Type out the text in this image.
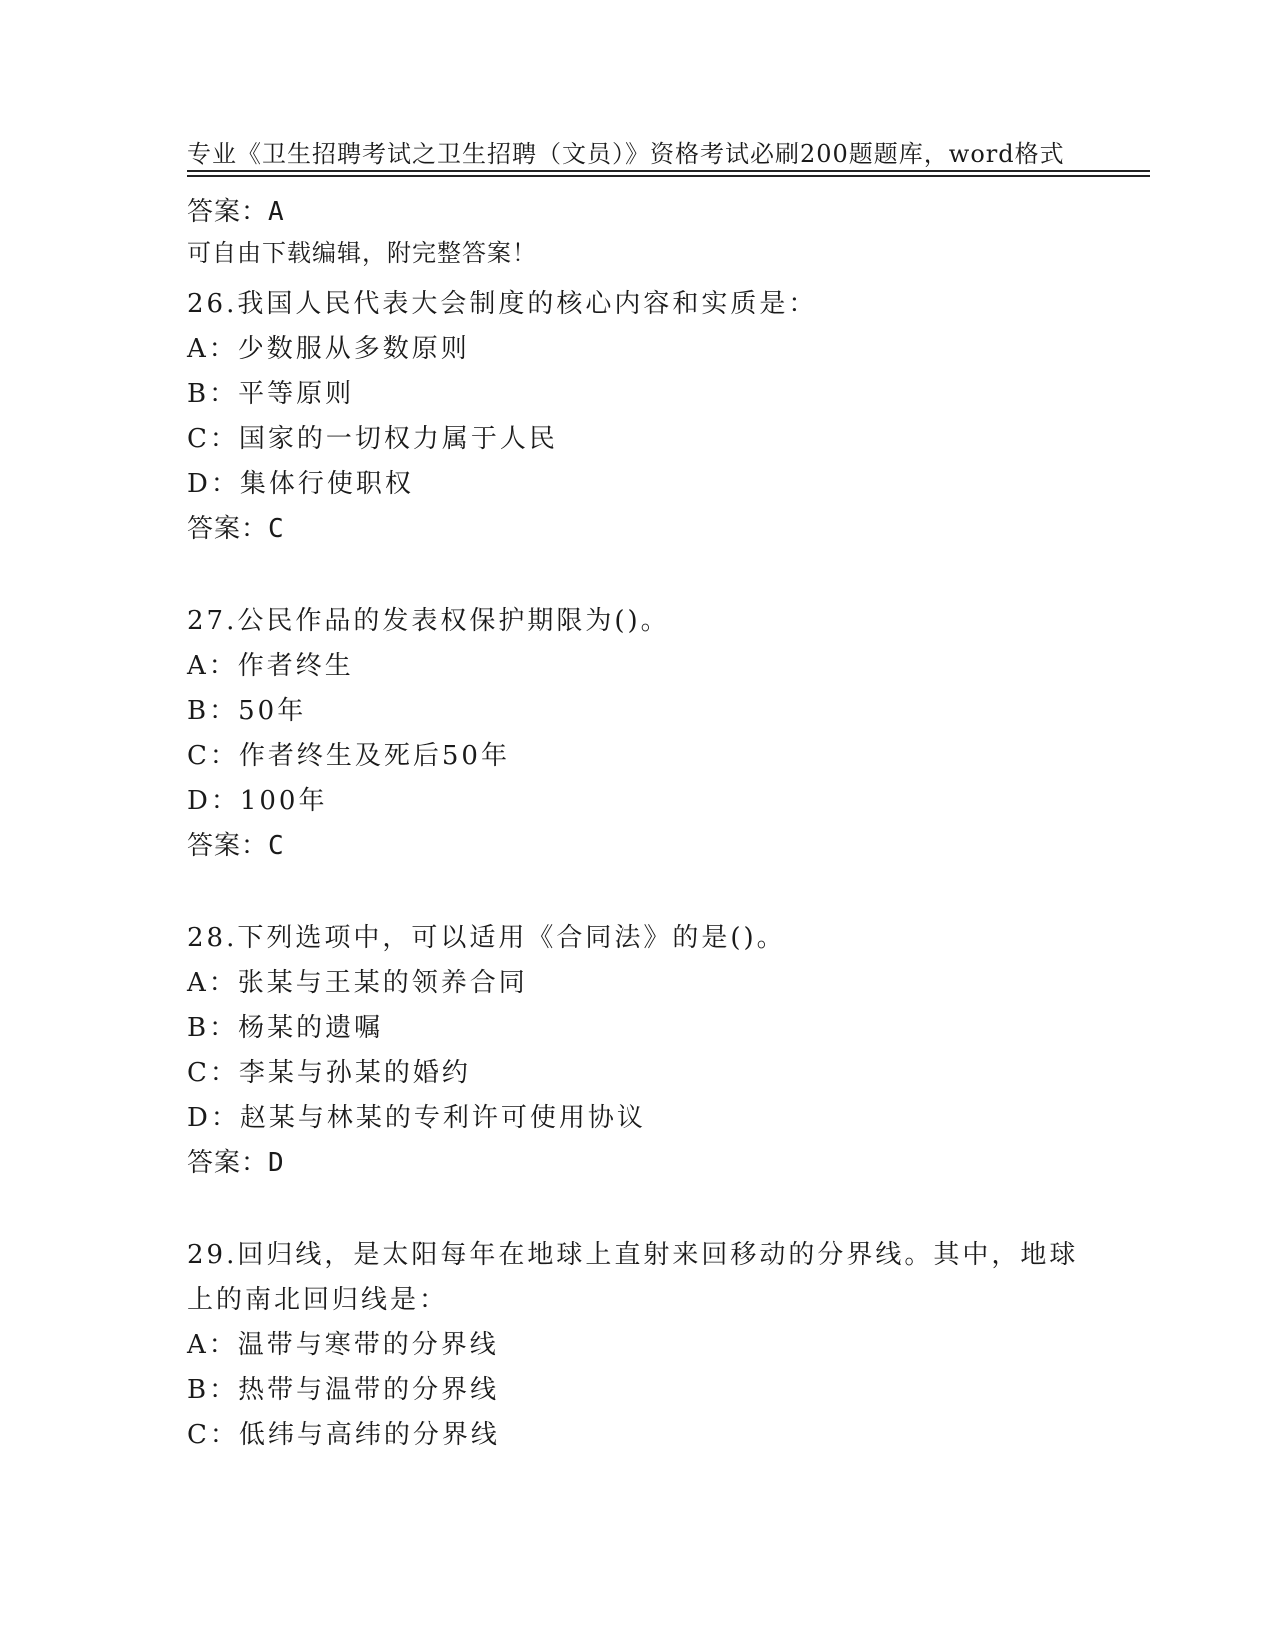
专业《卫生招聘考试之卫生招聘（文员）》资格考试必刷200题题库，word格式

可自由下载编辑，附完整答案！

答案：A
26.我国人民代表大会制度的核心内容和实质是：
A：少数服从多数原则
B：平等原则
C：国家的一切权力属于人民
D：集体行使职权
答案：C
27.公民作品的发表权保护期限为()。
A：作者终生
B：50年
C：作者终生及死后50年
D：100年
答案：C
28.下列选项中，可以适用《合同法》的是()。
A：张某与王某的领养合同
B：杨某的遗嘱
C：李某与孙某的婚约
D：赵某与林某的专利许可使用协议
答案：D
29.回归线，是太阳每年在地球上直射来回移动的分界线。其中，地球
上的南北回归线是：
A：温带与寒带的分界线
B：热带与温带的分界线
C：低纬与高纬的分界线
